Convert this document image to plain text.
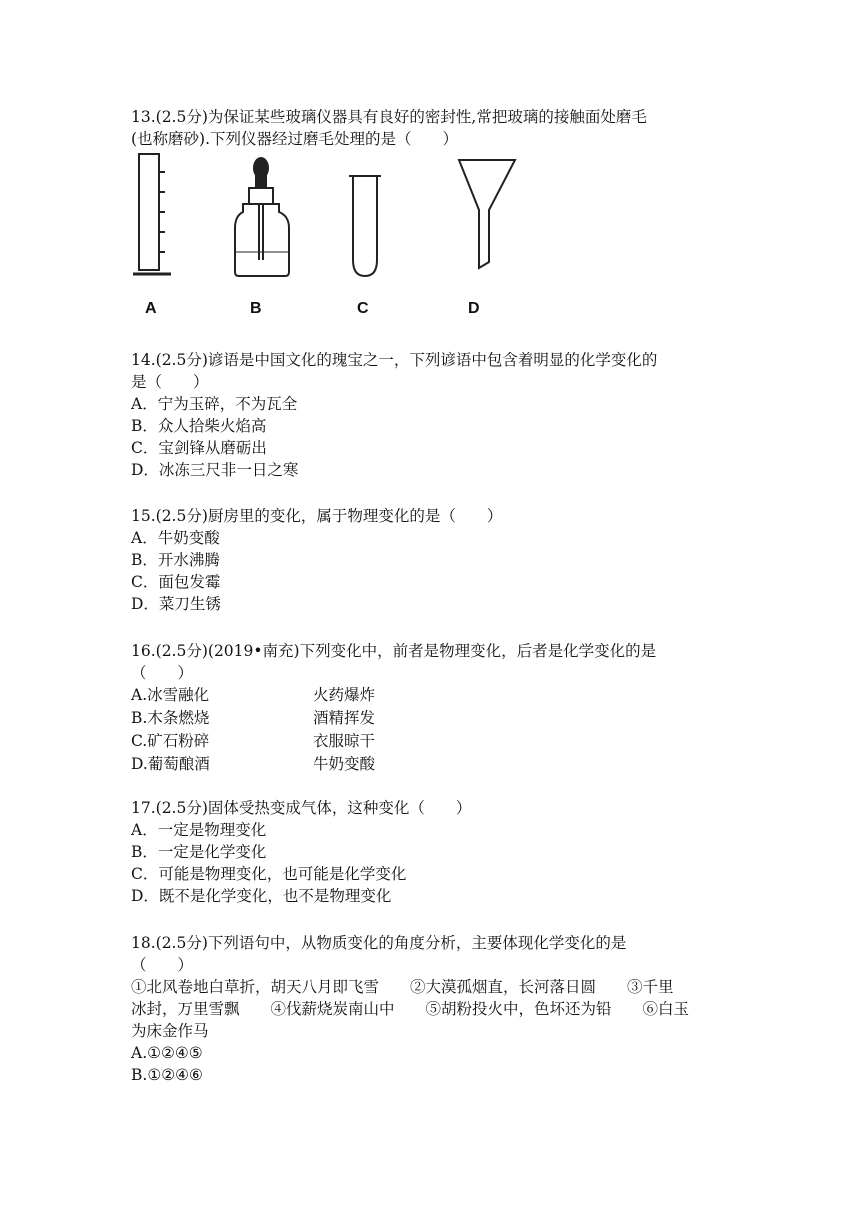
13.(2.5分)为保证某些玻璃仪器具有良好的密封性,常把玻璃的接触面处磨毛
(也称磨砂).下列仪器经过磨毛处理的是（　　）
A	B	C	D
14.(2.5分)谚语是中国文化的瑰宝之一，下列谚语中包含着明显的化学变化的
是（　　）
A．宁为玉碎，不为瓦全
B．众人拾柴火焰高
C．宝剑锋从磨砺出
D．冰冻三尺非一日之寒
15.(2.5分)厨房里的变化，属于物理变化的是（　　）
A．牛奶变酸
B．开水沸腾
C．面包发霉
D．菜刀生锈
16.(2.5分)(2019•南充)下列变化中，前者是物理变化，后者是化学变化的是
（　　）
A.冰雪融化	火药爆炸
B.木条燃烧	酒精挥发
C.矿石粉碎	衣服晾干
D.葡萄酿酒	牛奶变酸
17.(2.5分)固体受热变成气体，这种变化（　　）
A．一定是物理变化
B．一定是化学变化
C．可能是物理变化，也可能是化学变化
D．既不是化学变化，也不是物理变化
18.(2.5分)下列语句中，从物质变化的角度分析，主要体现化学变化的是
（　　）
①北风卷地白草折，胡天八月即飞雪　　②大漠孤烟直，长河落日圆　　③千里
冰封，万里雪飘　　④伐薪烧炭南山中　　⑤胡粉投火中，色坏还为铅　　⑥白玉
为床金作马
A.①②④⑤
B.①②④⑥
